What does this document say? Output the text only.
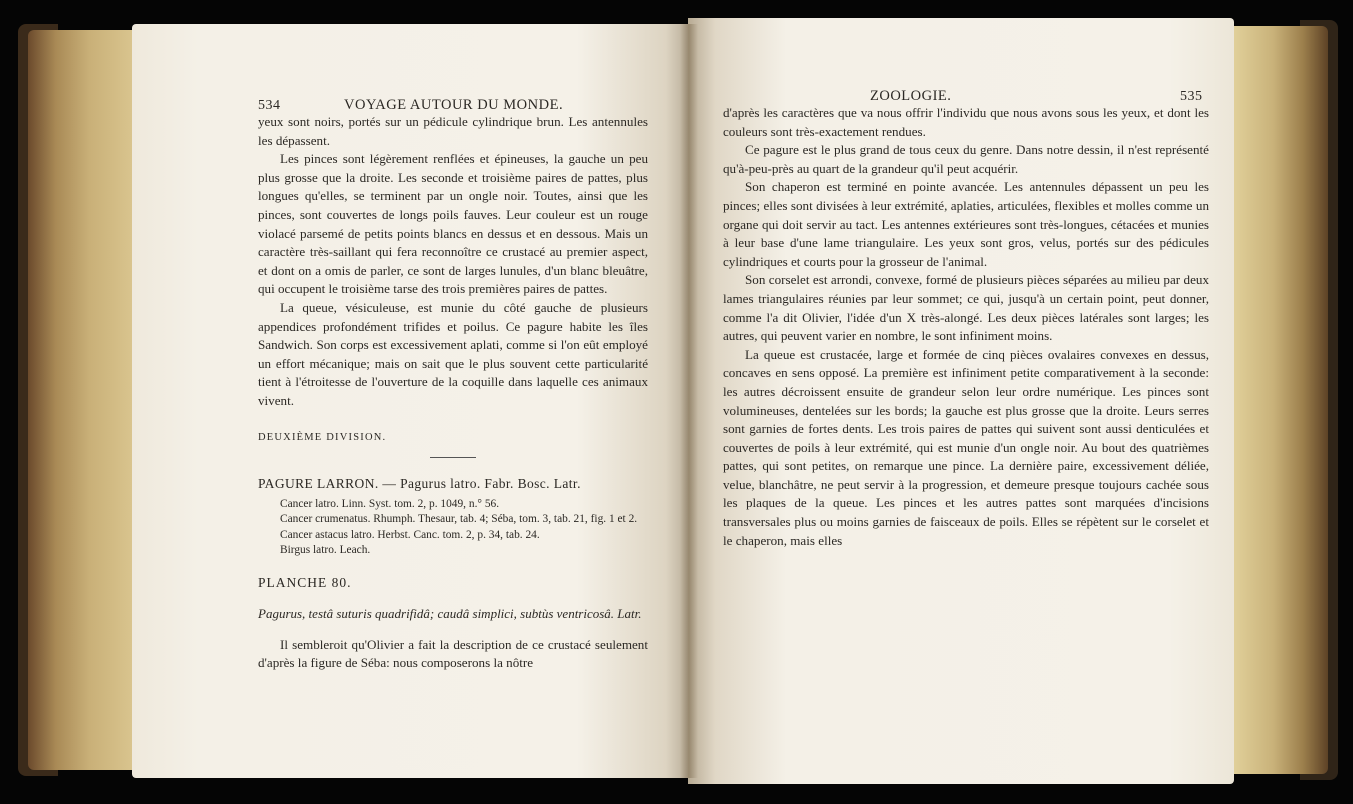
534	VOYAGE AUTOUR DU MONDE.

yeux sont noirs, portés sur un pédicule cylindrique brun. Les antennules les dépassent.

Les pinces sont légèrement renflées et épineuses, la gauche un peu plus grosse que la droite. Les seconde et troisième paires de pattes, plus longues qu'elles, se terminent par un ongle noir. Toutes, ainsi que les pinces, sont couvertes de longs poils fauves. Leur couleur est un rouge violacé parsemé de petits points blancs en dessus et en dessous. Mais un caractère très-saillant qui fera reconnoître ce crustacé au premier aspect, et dont on a omis de parler, ce sont de larges lunules, d'un blanc bleuâtre, qui occupent le troisième tarse des trois premières paires de pattes.

La queue, vésiculeuse, est munie du côté gauche de plusieurs appendices profondément trifides et poilus. Ce pagure habite les îles Sandwich. Son corps est excessivement aplati, comme si l'on eût employé un effort mécanique; mais on sait que le plus souvent cette particularité tient à l'étroitesse de l'ouverture de la coquille dans laquelle ces animaux vivent.

DEUXIÈME DIVISION.

PAGURE LARRON. — Pagurus latro. Fabr. Bosc. Latr.

Cancer latro. Linn. Syst. tom. 2, p. 1049, n.° 56.

Cancer crumenatus. Rhumph. Thesaur, tab. 4; Séba, tom. 3, tab. 21, fig. 1 et 2.

Cancer astacus latro. Herbst. Canc. tom. 2, p. 34, tab. 24.

Birgus latro. Leach.

PLANCHE 80.

Pagurus, testâ suturis quadrifidâ; caudâ simplici, subtùs ventricosâ. Latr.

Il sembleroit qu'Olivier a fait la description de ce crustacé seulement d'après la figure de Séba: nous composerons la nôtre

ZOOLOGIE.	535

d'après les caractères que va nous offrir l'individu que nous avons sous les yeux, et dont les couleurs sont très-exactement rendues.

Ce pagure est le plus grand de tous ceux du genre. Dans notre dessin, il n'est représenté qu'à-peu-près au quart de la grandeur qu'il peut acquérir.

Son chaperon est terminé en pointe avancée. Les antennules dépassent un peu les pinces; elles sont divisées à leur extrémité, aplaties, articulées, flexibles et molles comme un organe qui doit servir au tact. Les antennes extérieures sont très-longues, cétacées et munies à leur base d'une lame triangulaire. Les yeux sont gros, velus, portés sur des pédicules cylindriques et courts pour la grosseur de l'animal.

Son corselet est arrondi, convexe, formé de plusieurs pièces séparées au milieu par deux lames triangulaires réunies par leur sommet; ce qui, jusqu'à un certain point, peut donner, comme l'a dit Olivier, l'idée d'un X très-alongé. Les deux pièces latérales sont larges; les autres, qui peuvent varier en nombre, le sont infiniment moins.

La queue est crustacée, large et formée de cinq pièces ovalaires convexes en dessus, concaves en sens opposé. La première est infiniment petite comparativement à la seconde: les autres décroissent ensuite de grandeur selon leur ordre numérique. Les pinces sont volumineuses, dentelées sur les bords; la gauche est plus grosse que la droite. Leurs serres sont garnies de fortes dents. Les trois paires de pattes qui suivent sont aussi denticulées et couvertes de poils à leur extrémité, qui est munie d'un ongle noir. Au bout des quatrièmes pattes, qui sont petites, on remarque une pince. La dernière paire, excessivement déliée, velue, blanchâtre, ne peut servir à la progression, et demeure presque toujours cachée sous les plaques de la queue. Les pinces et les autres pattes sont marquées d'incisions transversales plus ou moins garnies de faisceaux de poils. Elles se répètent sur le corselet et le chaperon, mais elles
